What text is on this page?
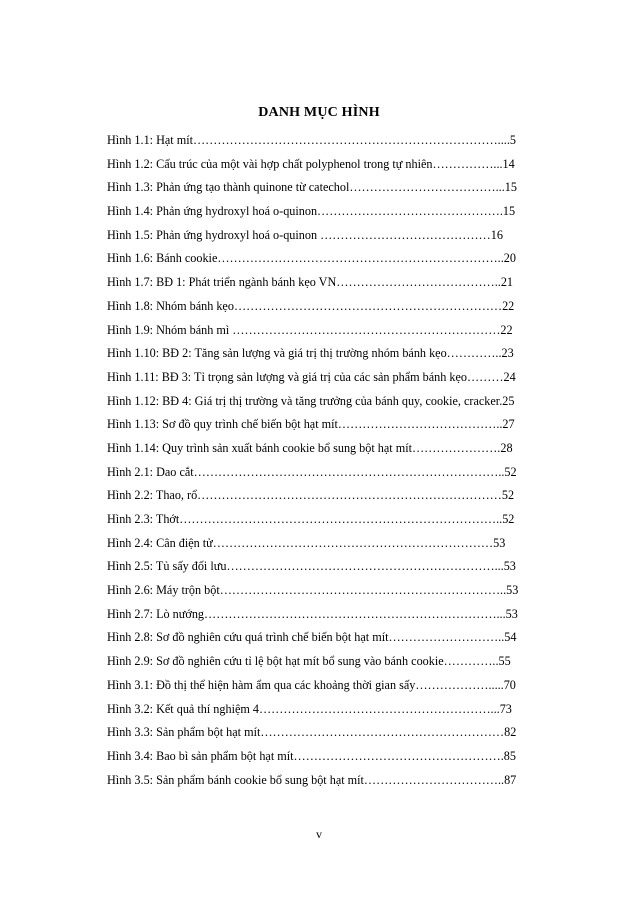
DANH MỤC HÌNH
Hình 1.1: Hạt mít…………………………………………………………………....5
Hình 1.2: Cấu trúc của một vài hợp chất polyphenol trong tự nhiên……………...14
Hình 1.3: Phản ứng tạo thành quinone từ catechol………………………………...15
Hình 1.4: Phản ứng hydroxyl hoá o-quinon……………………………………….15
Hình 1.5: Phản ứng hydroxyl hoá o-quinon ……………………………………16
Hình 1.6: Bánh cookie……………………………………………………………..20
Hình 1.7: BĐ 1: Phát triển ngành bánh kẹo VN…………………………………..21
Hình 1.8: Nhóm bánh kẹo…………………………………………………………22
Hình 1.9: Nhóm bánh mì …………………………………………………………22
Hình 1.10: BĐ 2: Tăng sản lượng và giá trị thị trường nhóm bánh kẹo…………..23
Hình 1.11: BĐ 3: Tỉ trọng sản lượng và giá trị của các sản phẩm bánh kẹo………24
Hình 1.12: BĐ 4: Giá trị thị trường và tăng trưởng của bánh quy, cookie, cracker.25
Hình 1.13: Sơ đồ quy trình chế biến bột hạt mít…………………………………..27
Hình 1.14: Quy trình sản xuất bánh cookie bổ sung bột hạt mít………………….28
Hình 2.1: Dao cắt…………………………………………………………………..52
Hình 2.2: Thao, rổ…………………………………………………………………52
Hình 2.3: Thớt……………………………………………………………………..52
Hình 2.4: Cân điện tử……………………………………………………………53
Hình 2.5: Tủ sấy đối lưu…………………………………………………………...53
Hình 2.6: Máy trộn bột……………………………………………………………..53
Hình 2.7: Lò nướng………………………………………………………………...53
Hình 2.8: Sơ đồ nghiên cứu quá trình chế biến bột hạt mít………………………..54
Hình 2.9: Sơ đồ nghiên cứu tỉ lệ bột hạt mít bổ sung vào bánh cookie…………..55
Hình 3.1: Đồ thị thể hiện hàm ẩm qua các khoảng thời gian sấy……………….....70
Hình 3.2: Kết quả thí nghiệm 4…………………………………………………...73
Hình 3.3: Sản phẩm bột hạt mít……………………………………………………82
Hình 3.4: Bao bì sản phẩm bột hạt mít…………………………………………….85
Hình 3.5: Sản phẩm bánh cookie bổ sung bột hạt mít……………………………..87
v
